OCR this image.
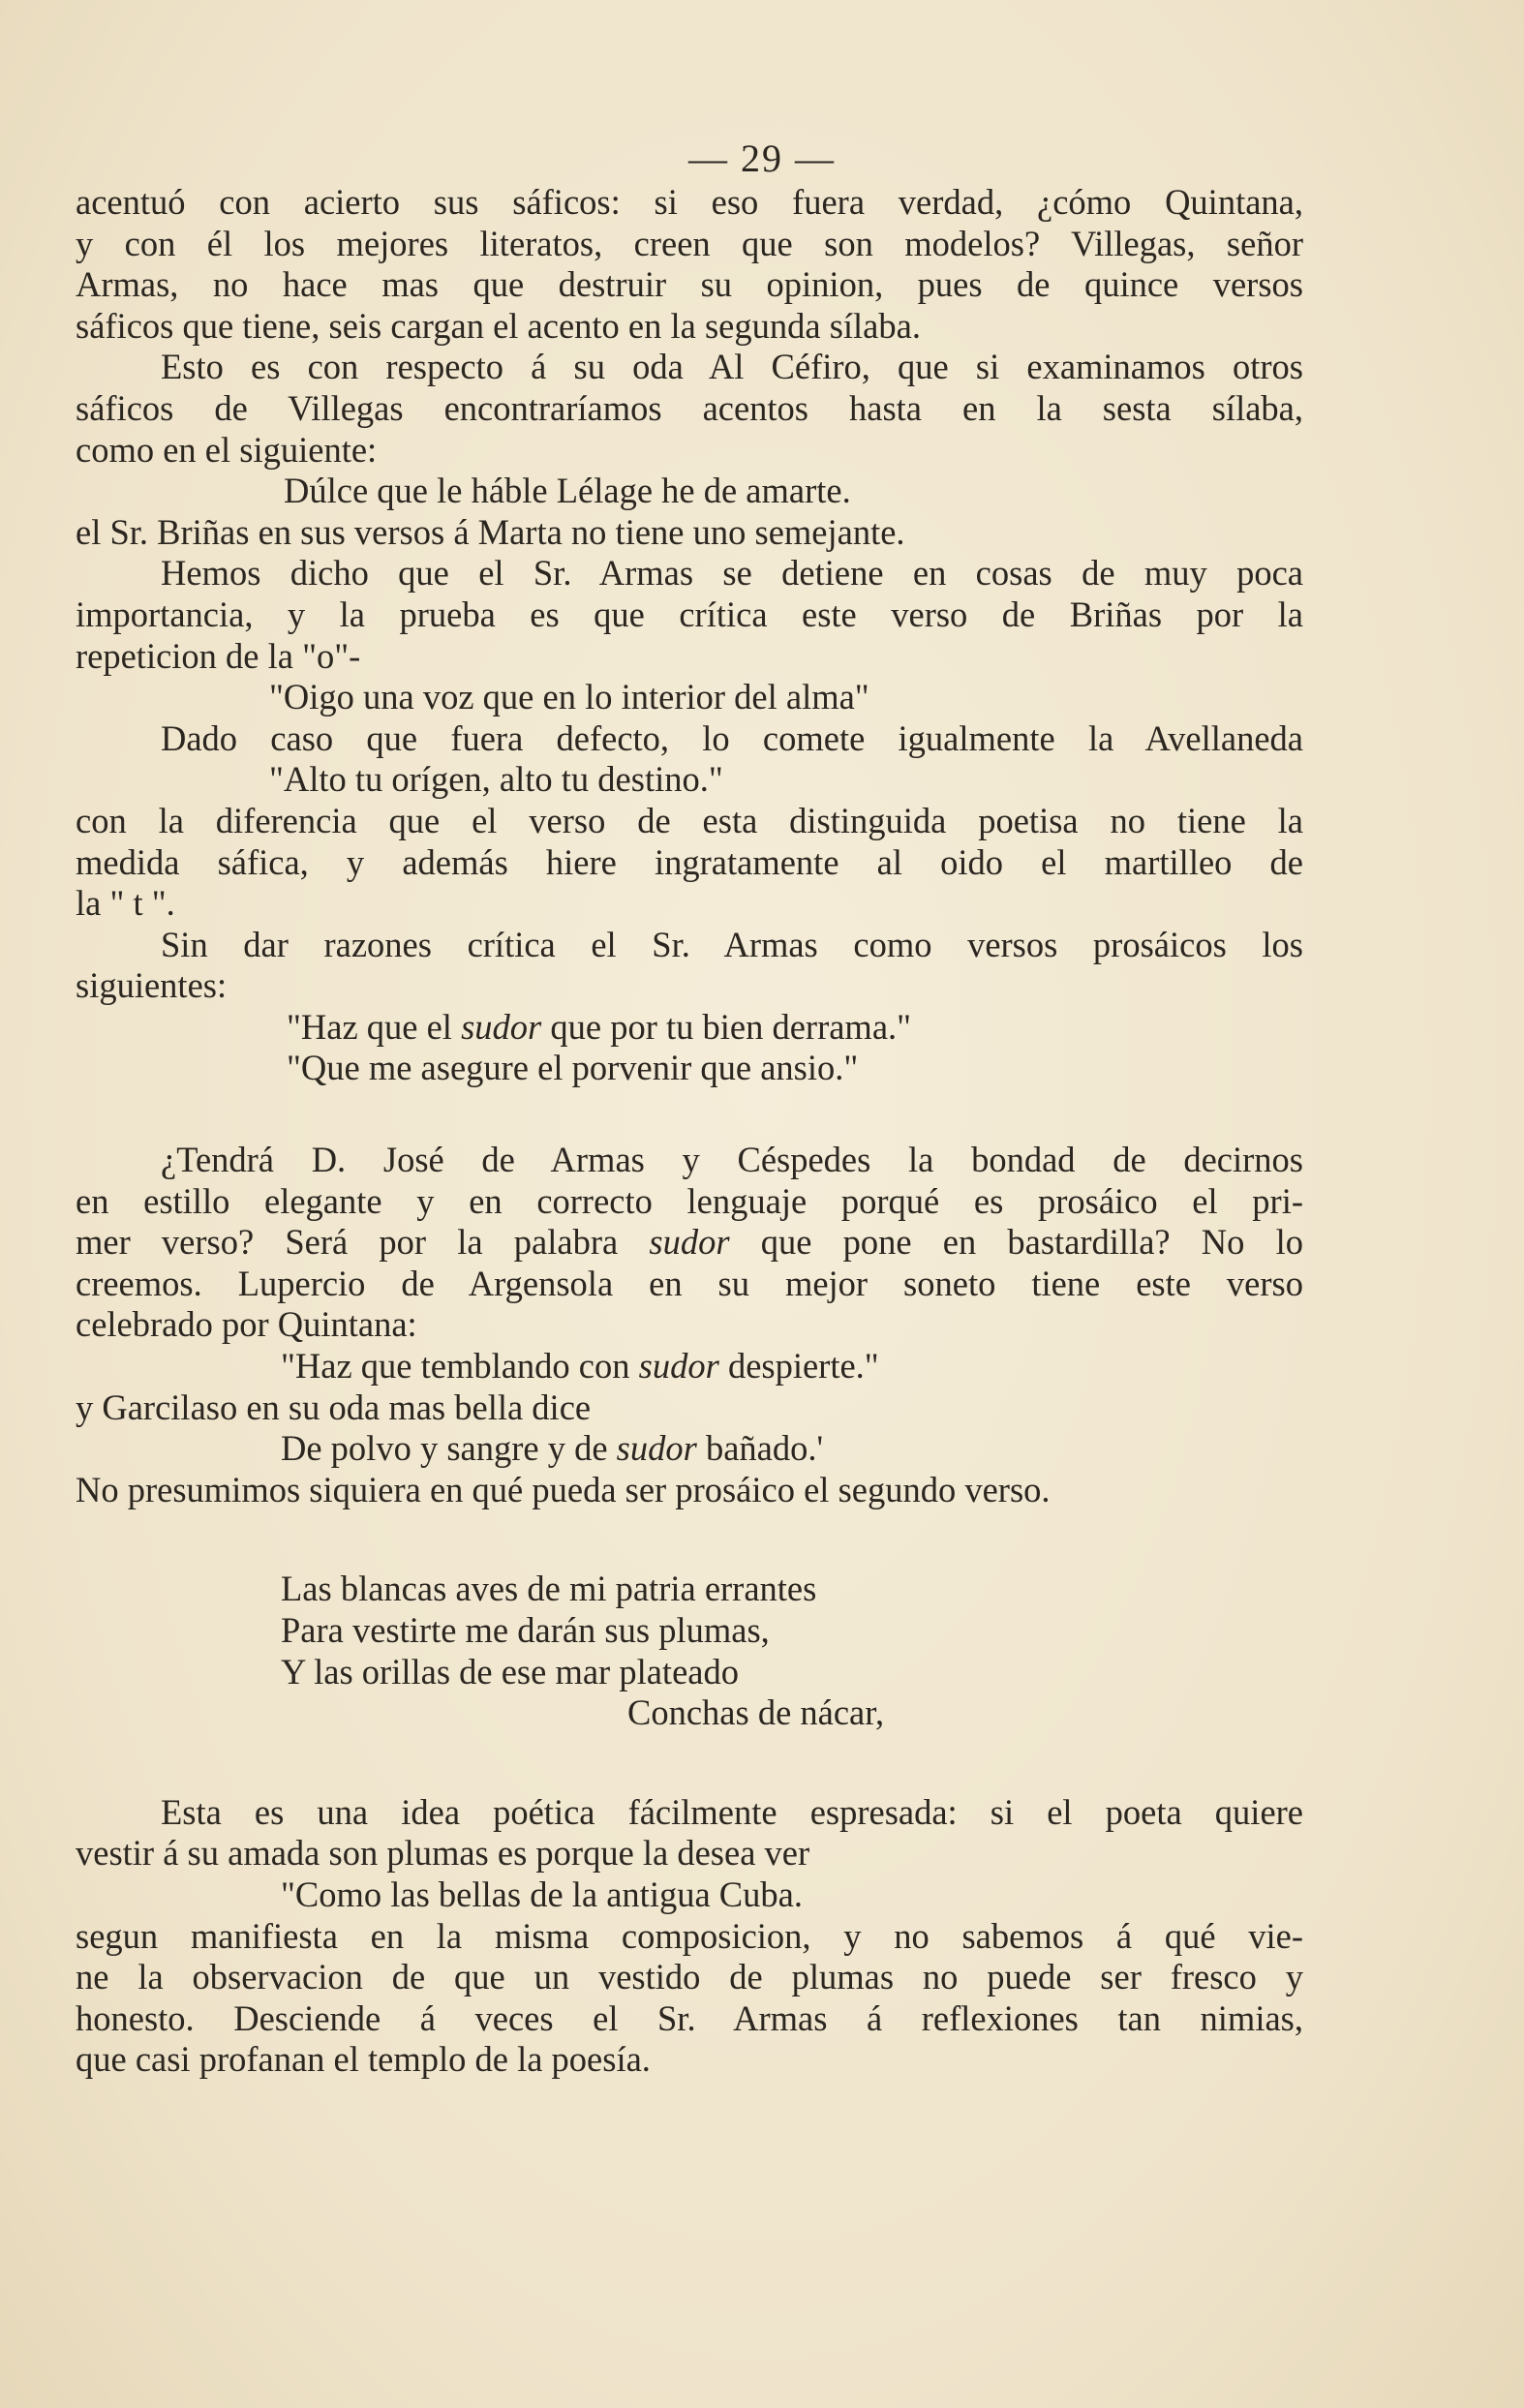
— 29 —
acentuó con acierto sus sáficos: si eso fuera verdad, ¿cómo Quintana,
y con él los mejores literatos, creen que son modelos? Villegas, señor
Armas, no hace mas que destruir su opinion, pues de quince versos
sáficos que tiene, seis cargan el acento en la segunda sílaba.
Esto es con respecto á su oda Al Céfiro, que si examinamos otros
sáficos de Villegas encontraríamos acentos hasta en la sesta sílaba,
como en el siguiente:
Dúlce que le háble Lélage he de amarte.
el Sr. Briñas en sus versos á Marta no tiene uno semejante.
Hemos dicho que el Sr. Armas se detiene en cosas de muy poca
importancia, y la prueba es que crítica este verso de Briñas por la
repeticion de la "o"-
"Oigo una voz que en lo interior del alma"
Dado caso que fuera defecto, lo comete igualmente la Avellaneda
"Alto tu orígen, alto tu destino."
con la diferencia que el verso de esta distinguida poetisa no tiene la
medida sáfica, y además hiere ingratamente al oido el martilleo de
la " t ".
Sin dar razones crítica el Sr. Armas como versos prosáicos los
siguientes:
"Haz que el sudor que por tu bien derrama."
"Que me asegure el porvenir que ansio."
¿Tendrá D. José de Armas y Céspedes la bondad de decirnos
en estillo elegante y en correcto lenguaje porqué es prosáico el pri-
mer verso? Será por la palabra sudor que pone en bastardilla? No lo
creemos. Lupercio de Argensola en su mejor soneto tiene este verso
celebrado por Quintana:
"Haz que temblando con sudor despierte."
y Garcilaso en su oda mas bella dice
De polvo y sangre y de sudor bañado.'
No presumimos siquiera en qué pueda ser prosáico el segundo verso.
Las blancas aves de mi patria errantes
Para vestirte me darán sus plumas,
Y las orillas de ese mar plateado
Conchas de nácar,
Esta es una idea poética fácilmente espresada: si el poeta quiere
vestir á su amada son plumas es porque la desea ver
"Como las bellas de la antigua Cuba.
segun manifiesta en la misma composicion, y no sabemos á qué vie-
ne la observacion de que un vestido de plumas no puede ser fresco y
honesto. Desciende á veces el Sr. Armas á reflexiones tan nimias,
que casi profanan el templo de la poesía.
